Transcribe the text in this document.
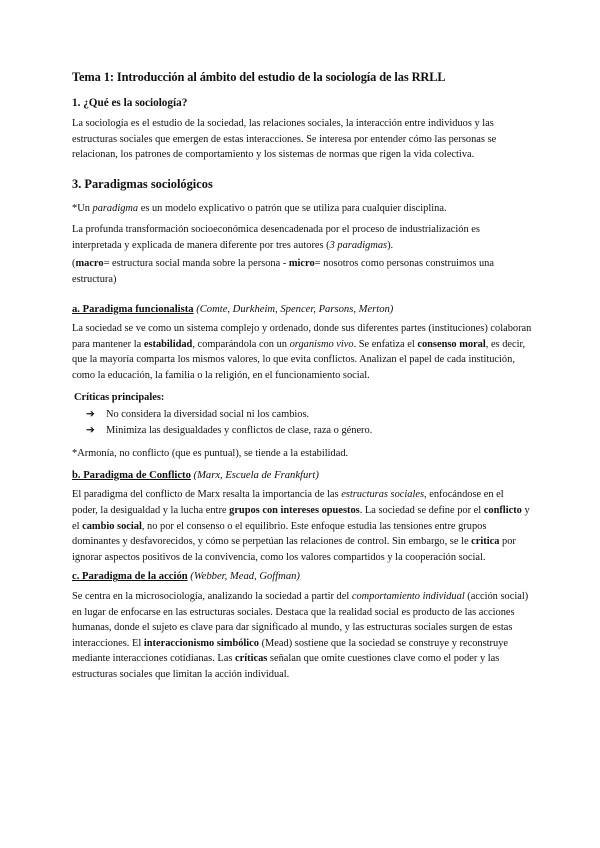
Tema 1: Introducción al ámbito del estudio de la sociología de las RRLL

1. ¿Qué es la sociología?

La sociología es el estudio de la sociedad, las relaciones sociales, la interacción entre individuos y las estructuras sociales que emergen de estas interacciones. Se interesa por entender cómo las personas se relacionan, los patrones de comportamiento y los sistemas de normas que rigen la vida colectiva.

3. Paradigmas sociológicos

*Un paradigma es un modelo explicativo o patrón que se utiliza para cualquier disciplina.

La profunda transformación socioeconómica desencadenada por el proceso de industrialización es interpretada y explicada de manera diferente por tres autores (3 paradigmas).

(macro= estructura social manda sobre la persona - micro= nosotros como personas construimos una estructura)

a. Paradigma funcionalista (Comte, Durkheim, Spencer, Parsons, Merton)

La sociedad se ve como un sistema complejo y ordenado, donde sus diferentes partes (instituciones) colaboran para mantener la estabilidad, comparándola con un organismo vivo. Se enfatiza el consenso moral, es decir, que la mayoría comparta los mismos valores, lo que evita conflictos. Analizan el papel de cada institución, como la educación, la familia o la religión, en el funcionamiento social.

Críticas principales:

➔ No considera la diversidad social ni los cambios.
➔ Minimiza las desigualdades y conflictos de clase, raza o género.

*Armonía, no conflicto (que es puntual), se tiende a la estabilidad.

b. Paradigma de Conflicto (Marx, Escuela de Frankfurt)

El paradigma del conflicto de Marx resalta la importancia de las estructuras sociales, enfocándose en el poder, la desigualdad y la lucha entre grupos con intereses opuestos. La sociedad se define por el conflicto y el cambio social, no por el consenso o el equilibrio. Este enfoque estudia las tensiones entre grupos dominantes y desfavorecidos, y cómo se perpetúan las relaciones de control. Sin embargo, se le critica por ignorar aspectos positivos de la convivencia, como los valores compartidos y la cooperación social.

c. Paradigma de la acción (Webber, Mead, Goffman)

Se centra en la microsociología, analizando la sociedad a partir del comportamiento individual (acción social) en lugar de enfocarse en las estructuras sociales. Destaca que la realidad social es producto de las acciones humanas, donde el sujeto es clave para dar significado al mundo, y las estructuras sociales surgen de estas interacciones. El interaccionismo simbólico (Mead) sostiene que la sociedad se construye y reconstruye mediante interacciones cotidianas. Las críticas señalan que omite cuestiones clave como el poder y las estructuras sociales que limitan la acción individual.
